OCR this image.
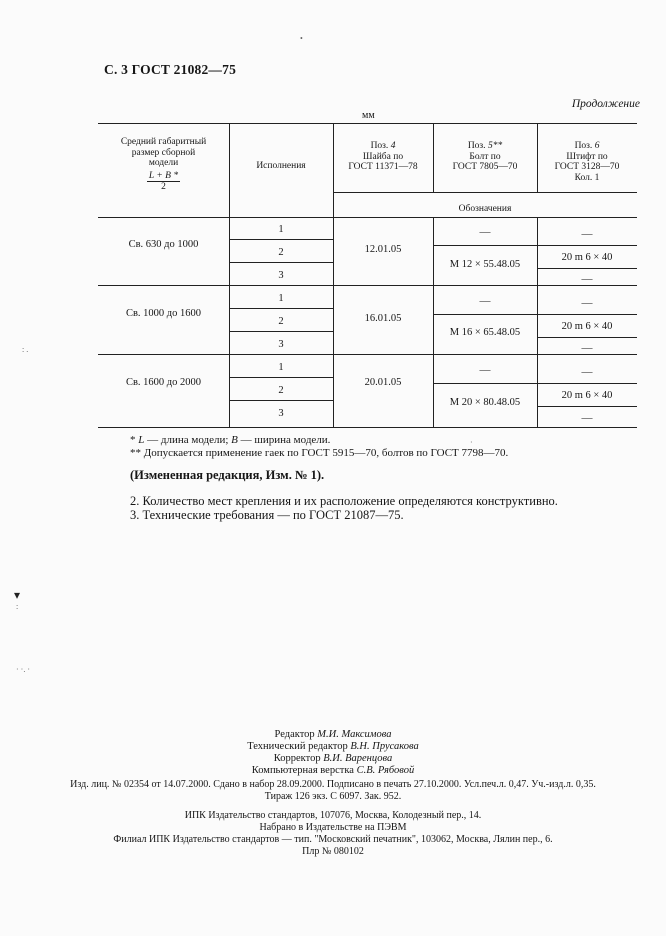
С. 3 ГОСТ 21082—75
мм
Продолжение
Средний габаритный
размер сборной
модели
$\frac{L + B *}{2}$
Исполнения
Поз. 4
Шайба по
ГОСТ 11371—78
Поз. 5**
Болт по
ГОСТ 7805—70
Поз. 6
Штифт по
ГОСТ 3128—70
Кол. 1
Обозначения
Св. 630 до 1000
1
2
3
12.01.05
—
M 12 × 55.48.05
—
20 m 6 × 40
—
Св. 1000 до 1600
1
2
3
16.01.05
—
M 16 × 65.48.05
—
20 m 6 × 40
—
Св. 1600 до 2000
1
2
3
20.01.05
—
M 20 × 80.48.05
—
20 m 6 × 40
—
* L — длина модели; B — ширина модели.
** Допускается применение гаек по ГОСТ 5915—70, болтов по ГОСТ 7798—70.
(Измененная редакция, Изм. № 1).
2. Количество мест крепления и их расположение определяются конструктивно.
3. Технические требования — по ГОСТ 21087—75.
Редактор М.И. Максимова
Технический редактор В.Н. Прусакова
Корректор В.И. Варенцова
Компьютерная верстка С.В. Рябовой
Изд. лиц. № 02354 от 14.07.2000. Сдано в набор 28.09.2000. Подписано в печать 27.10.2000. Усл.печ.л. 0,47. Уч.-изд.л. 0,35.
Тираж 126 экз. С 6097. Зак. 952.
ИПК Издательство стандартов, 107076, Москва, Колодезный пер., 14.
Набрано в Издательстве на ПЭВМ
Филиал ИПК Издательство стандартов — тип. "Московский печатник", 103062, Москва, Лялин пер., 6.
Плр № 080102
•
: .
▾
:
· ·. ·
·
